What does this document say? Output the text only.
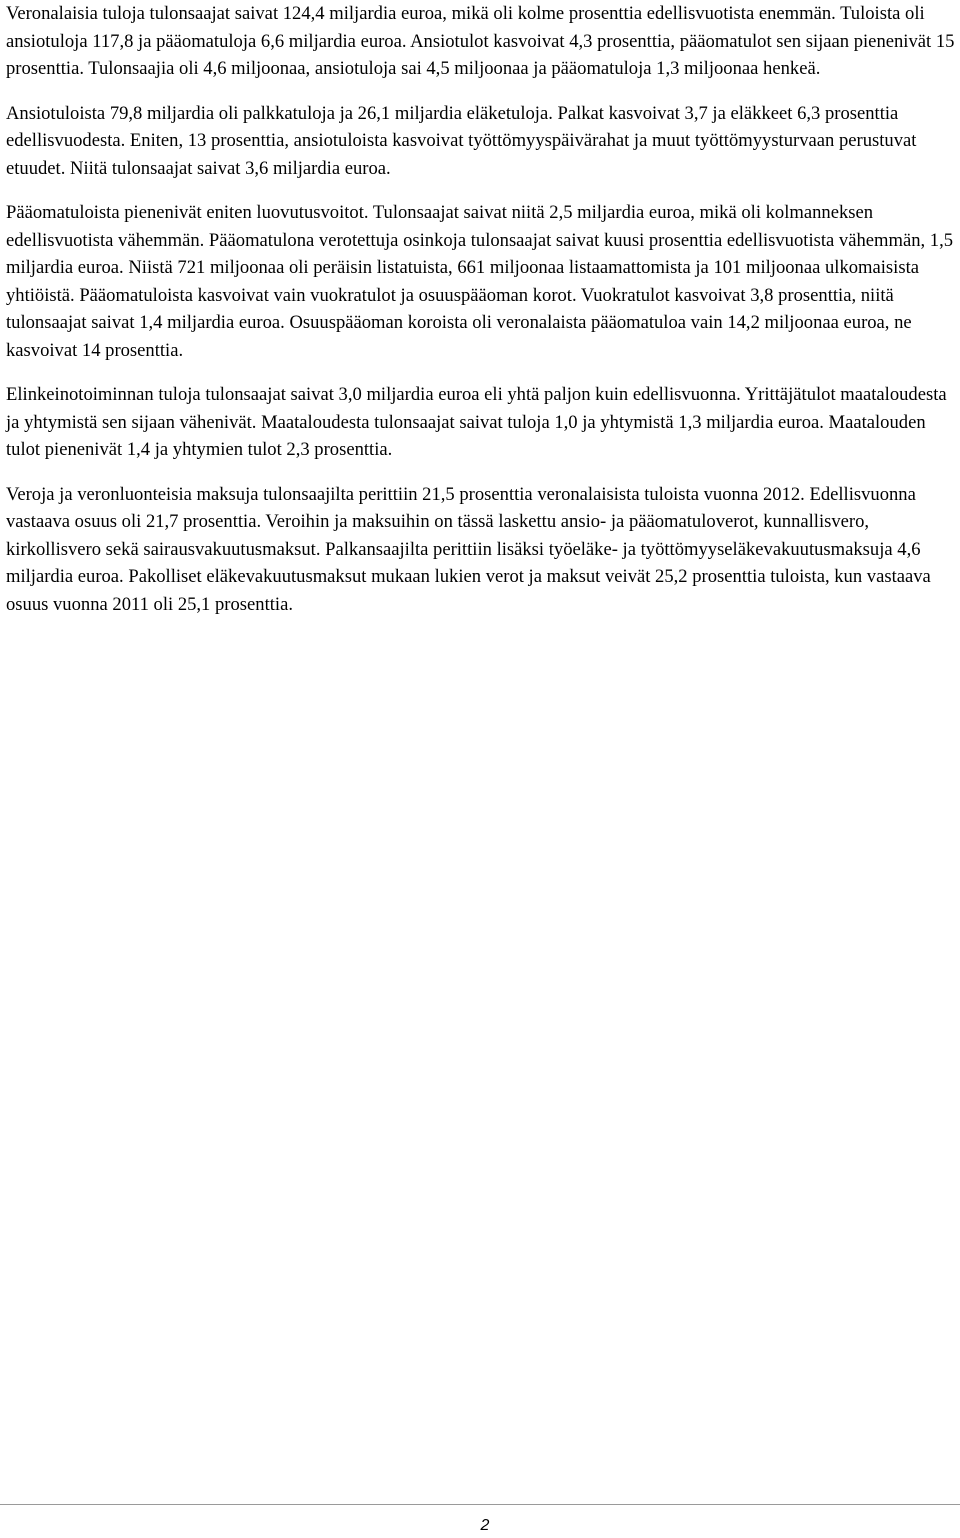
Veronalaisia tuloja tulonsaajat saivat 124,4 miljardia euroa, mikä oli kolme prosenttia edellisvuotista enemmän. Tuloista oli ansiotuloja 117,8 ja pääomatuloja 6,6 miljardia euroa. Ansiotulot kasvoivat 4,3 prosenttia, pääomatulot sen sijaan pienenivät 15 prosenttia. Tulonsaajia oli 4,6 miljoonaa, ansiotuloja sai 4,5 miljoonaa ja pääomatuloja 1,3 miljoonaa henkeä.

Ansiotuloista 79,8 miljardia oli palkkatuloja ja 26,1 miljardia eläketuloja. Palkat kasvoivat 3,7 ja eläkkeet 6,3 prosenttia edellisvuodesta. Eniten, 13 prosenttia, ansiotuloista kasvoivat työttömyyspäivärahat ja muut työttömyysturvaan perustuvat etuudet. Niitä tulonsaajat saivat 3,6 miljardia euroa.

Pääomatuloista pienenivät eniten luovutusvoitot. Tulonsaajat saivat niitä 2,5 miljardia euroa, mikä oli kolmanneksen edellisvuotista vähemmän. Pääomatulona verotettuja osinkoja tulonsaajat saivat kuusi prosenttia edellisvuotista vähemmän, 1,5 miljardia euroa. Niistä 721 miljoonaa oli peräisin listatuista, 661 miljoonaa listaamattomista ja 101 miljoonaa ulkomaisista yhtiöistä. Pääomatuloista kasvoivat vain vuokratulot ja osuuspääoman korot. Vuokratulot kasvoivat 3,8 prosenttia, niitä tulonsaajat saivat 1,4 miljardia euroa. Osuuspääoman koroista oli veronalaista pääomatuloa vain 14,2 miljoonaa euroa, ne kasvoivat 14 prosenttia.

Elinkeinotoiminnan tuloja tulonsaajat saivat 3,0 miljardia euroa eli yhtä paljon kuin edellisvuonna. Yrittäjätulot maataloudesta ja yhtymistä sen sijaan vähenivät. Maataloudesta tulonsaajat saivat tuloja 1,0 ja yhtymistä 1,3 miljardia euroa. Maatalouden tulot pienenivät 1,4 ja yhtymien tulot 2,3 prosenttia.

Veroja ja veronluonteisia maksuja tulonsaajilta perittiin 21,5 prosenttia veronalaisista tuloista vuonna 2012. Edellisvuonna vastaava osuus oli 21,7 prosenttia. Veroihin ja maksuihin on tässä laskettu ansio- ja pääomatuloverot, kunnallisvero, kirkollisvero sekä sairausvakuutusmaksut. Palkansaajilta perittiin lisäksi työeläke- ja työttömyyseläkevakuutusmaksuja 4,6 miljardia euroa. Pakolliset eläkevakuutusmaksut mukaan lukien verot ja maksut veivät 25,2 prosenttia tuloista, kun vastaava osuus vuonna 2011 oli 25,1 prosenttia.

2
